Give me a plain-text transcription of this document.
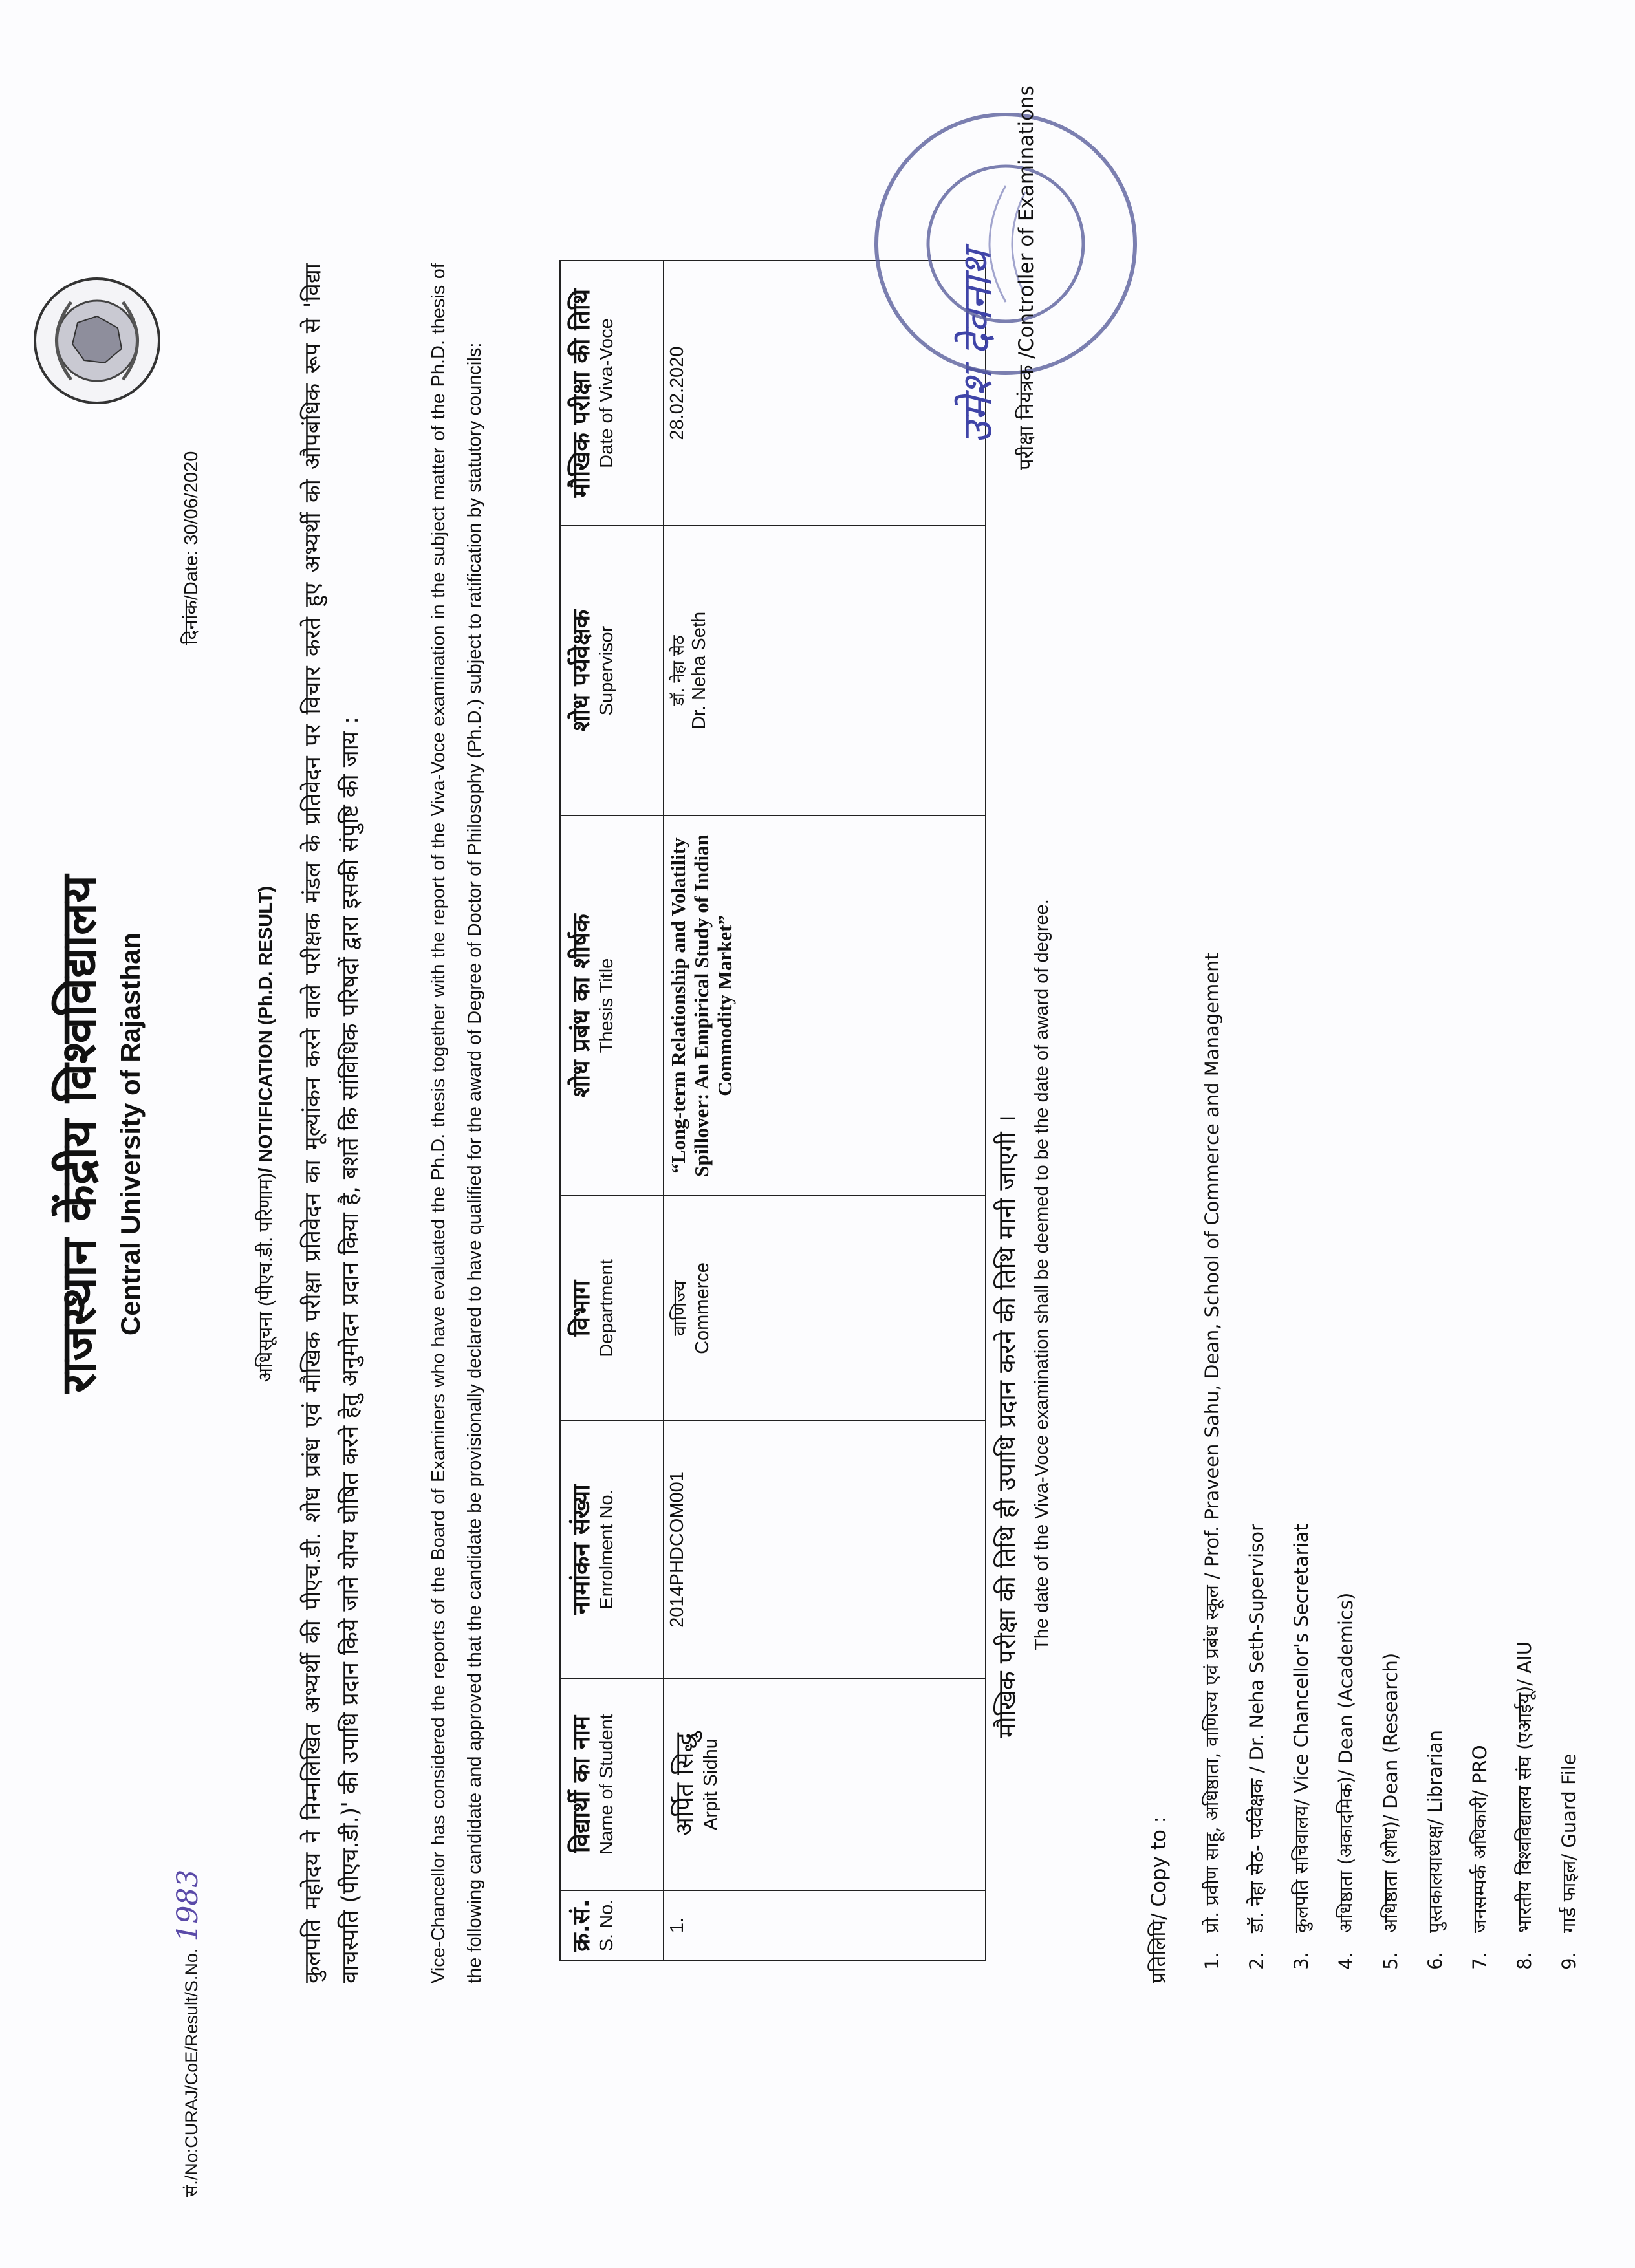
राजस्थान केंद्रीय विश्वविद्यालय Central University of Rajasthan
सं./No:CURAJ/CoE/Result/S.No.1983
दिनांक/Date: 30/06/2020
अधिसूचना (पीएच.डी. परिणाम)/ NOTIFICATION (Ph.D. RESULT) कुलपति महोदय ने निम्नलिखित अभ्यर्थी की पीएच.डी. शोध प्रबंध एवं मौखिक परीक्षा प्रतिवेदन का मूल्यांकन करने वाले परीक्षक मंडल के प्रतिवेदन पर विचार करते हुए अभ्यर्थी को औपबंधिक रूप से 'विद्या वाचस्पति (पीएच.डी.)' की उपाधि प्रदान किये जाने योग्य घोषित करने हेतु अनुमोदन प्रदान किया है, बशर्ते कि सांविधिक परिषदों द्वारा इसकी संपुष्टि की जाय :	Vice-Chancellor has considered the reports of the Board of Examiners who have evaluated the Ph.D. thesis together with the report of the Viva-Voce examination in the subject matter of the Ph.D. thesis of the following candidate and approved that the candidate be provisionally declared to have qualified for the award of Degree of Doctor of Philosophy (Ph.D.) subject to ratification by statutory councils:	क्र.सं. S. No.	विद्यार्थी का नाम Name of Student	नामांकन संख्या Enrolment No.	विभाग Department	शोध प्रबंध का शीर्षक Thesis Title	शोध पर्यवेक्षक Supervisor	मौखिक परीक्षा की तिथि Date of Viva-Voce

1.	अर्पित सिद्धु Arpit Sidhu	2014PHDCOM001	वाणिज्य Commerce	“Long-term Relationship and Volatility Spillover: An Empirical Study of Indian Commodity Market”	डॉ. नेहा सेठ Dr. Neha Seth	28.02.2020
मौखिक परीक्षा की तिथि ही उपाधि प्रदान करने की तिथि मानी जाएगी । The date of the Viva-Voce examination shall be deemed to be the date of award of degree.
उमेश देवनाथ परीक्षा नियंत्रक /Controller of Examinations
प्रतिलिपि/ Copy to :	1. प्रो. प्रवीण साहू, अधिष्ठाता, वाणिज्य एवं प्रबंध स्कूल / Prof. Praveen Sahu, Dean, School of Commerce and Management	2. डॉ. नेहा सेठ- पर्यवेक्षक / Dr. Neha Seth-Supervisor	3. कुलपति सचिवालय/ Vice Chancellor's Secretariat	4. अधिष्ठाता (अकादमिक)/ Dean (Academics)	5. अधिष्ठाता (शोध)/ Dean (Research)	6. पुस्तकालयाध्यक्ष/ Librarian	7. जनसम्पर्क अधिकारी/ PRO	8. भारतीय विश्वविद्यालय संघ (एआईयू)/ AIU	9. गार्ड फाइल/ Guard File
